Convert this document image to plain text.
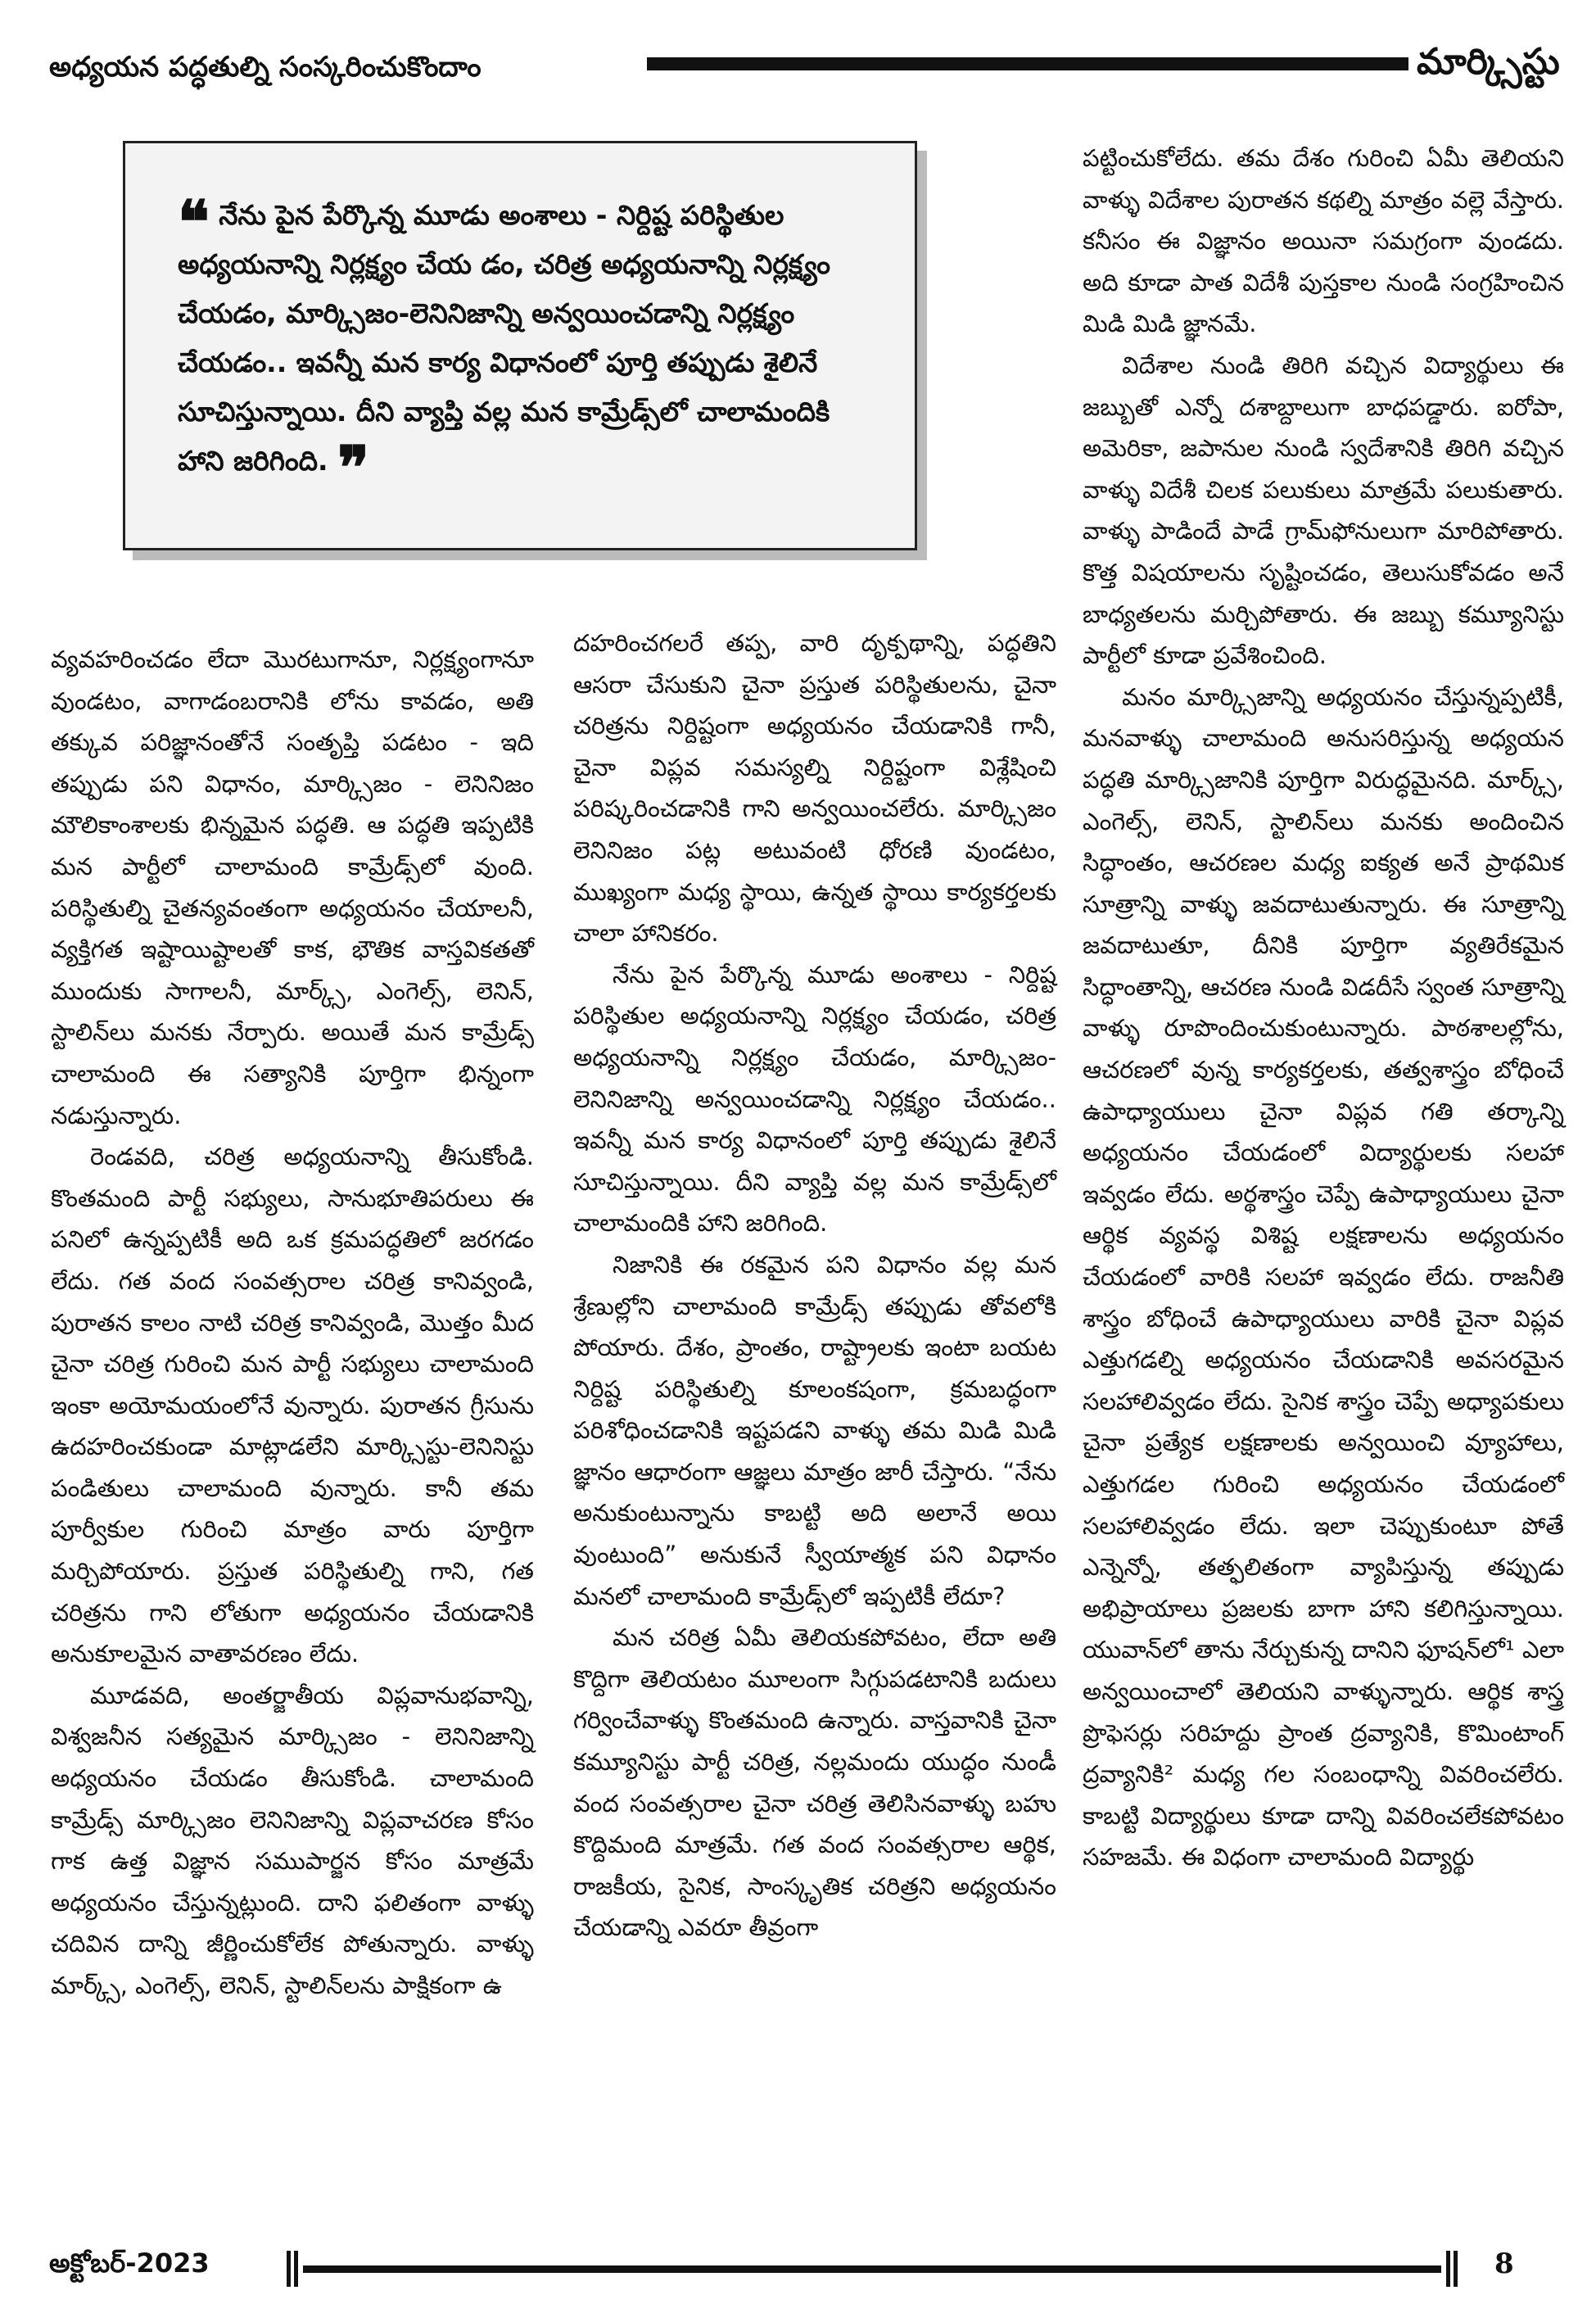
అధ్యయన పద్ధతుల్ని సంస్కరించుకొందాం	మార్క్సిస్టు
❝ నేను పైన పేర్కొన్న మూడు అంశాలు - నిర్దిష్ట పరిస్థితుల అధ్యయనాన్ని నిర్లక్ష్యం చేయ డం, చరిత్ర అధ్యయనాన్ని నిర్లక్ష్యం చేయడం, మార్క్సిజం-లెనినిజాన్ని అన్వయించడాన్ని నిర్లక్ష్యం చేయడం.. ఇవన్నీ మన కార్య విధానంలో పూర్తి తప్పుడు శైలినే సూచిస్తున్నాయి. దీని వ్యాప్తి వల్ల మన కామ్రేడ్స్‌లో చాలామందికి హాని జరిగింది. ❞

వ్యవహరించడం లేదా మొరటుగానూ, నిర్లక్ష్యంగానూ వుండటం, వాగాడంబరానికి లోను కావడం, అతి తక్కువ పరిజ్ఞానంతోనే సంతృప్తి పడటం - ఇది తప్పుడు పని విధానం, మార్క్సిజం - లెనినిజం మౌలికాంశాలకు భిన్నమైన పద్ధతి. ఆ పద్ధతి ఇప్పటికి మన పార్టీలో చాలామంది కామ్రేడ్స్‌లో వుంది. పరిస్థితుల్ని చైతన్యవంతంగా అధ్యయనం చేయాలనీ, వ్యక్తిగత ఇష్టాయిష్టాలతో కాక, భౌతిక వాస్తవికతతో ముందుకు సాగాలనీ, మార్క్స్, ఎంగెల్స్, లెనిన్, స్టాలిన్‌లు మనకు నేర్పారు. అయితే మన కామ్రేడ్స్ చాలామంది ఈ సత్యానికి పూర్తిగా భిన్నంగా నడుస్తున్నారు.

రెండవది, చరిత్ర అధ్యయనాన్ని తీసుకోండి. కొంతమంది పార్టీ సభ్యులు, సానుభూతిపరులు ఈ పనిలో ఉన్నప్పటికీ అది ఒక క్రమపద్ధతిలో జరగడం లేదు. గత వంద సంవత్సరాల చరిత్ర కానివ్వండి, పురాతన కాలం నాటి చరిత్ర కానివ్వండి, మొత్తం మీద చైనా చరిత్ర గురించి మన పార్టీ సభ్యులు చాలామంది ఇంకా అయోమయంలోనే వున్నారు. పురాతన గ్రీసును ఉదహరించకుండా మాట్లాడలేని మార్క్సిస్టు-లెనినిస్టు పండితులు చాలామంది వున్నారు. కానీ తమ పూర్వీకుల గురించి మాత్రం వారు పూర్తిగా మర్చిపోయారు. ప్రస్తుత పరిస్థితుల్ని గాని, గత చరిత్రను గాని లోతుగా అధ్యయనం చేయడానికి అనుకూలమైన వాతావరణం లేదు.

మూడవది, అంతర్జాతీయ విప్లవానుభవాన్ని, విశ్వజనీన సత్యమైన మార్క్సిజం - లెనినిజాన్ని అధ్యయనం చేయడం తీసుకోండి. చాలామంది కామ్రేడ్స్ మార్క్సిజం లెనినిజాన్ని విప్లవాచరణ కోసం గాక ఉత్త విజ్ఞాన సముపార్జన కోసం మాత్రమే అధ్యయనం చేస్తున్నట్లుంది. దాని ఫలితంగా వాళ్ళు చదివిన దాన్ని జీర్ణించుకోలేక పోతున్నారు. వాళ్ళు మార్క్స్, ఎంగెల్స్, లెనిన్, స్టాలిన్‌లను పాక్షికంగా ఉ

దహరించగలరే తప్ప, వారి దృక్పథాన్ని, పద్ధతిని ఆసరా చేసుకుని చైనా ప్రస్తుత పరిస్థితులను, చైనా చరిత్రను నిర్దిష్టంగా అధ్యయనం చేయడానికి గానీ, చైనా విప్లవ సమస్యల్ని నిర్దిష్టంగా విశ్లేషించి పరిష్కరించడానికి గాని అన్వయించలేరు. మార్క్సిజం లెనినిజం పట్ల అటువంటి ధోరణి వుండటం, ముఖ్యంగా మధ్య స్థాయి, ఉన్నత స్థాయి కార్యకర్తలకు చాలా హానికరం.

నేను పైన పేర్కొన్న మూడు అంశాలు - నిర్దిష్ట పరిస్థితుల అధ్యయనాన్ని నిర్లక్ష్యం చేయడం, చరిత్ర అధ్యయనాన్ని నిర్లక్ష్యం చేయడం, మార్క్సిజం-లెనినిజాన్ని అన్వయించడాన్ని నిర్లక్ష్యం చేయడం.. ఇవన్నీ మన కార్య విధానంలో పూర్తి తప్పుడు శైలినే సూచిస్తున్నాయి. దీని వ్యాప్తి వల్ల మన కామ్రేడ్స్‌లో చాలామందికి హాని జరిగింది.

నిజానికి ఈ రకమైన పని విధానం వల్ల మన శ్రేణుల్లోని చాలామంది కామ్రేడ్స్ తప్పుడు తోవలోకి పోయారు. దేశం, ప్రాంతం, రాష్ట్రాలకు ఇంటా బయట నిర్దిష్ట పరిస్థితుల్ని కూలంకషంగా, క్రమబద్ధంగా పరిశోధించడానికి ఇష్టపడని వాళ్ళు తమ మిడి మిడి జ్ఞానం ఆధారంగా ఆజ్ఞలు మాత్రం జారీ చేస్తారు. “నేను అనుకుంటున్నాను కాబట్టి అది అలానే అయి వుంటుంది” అనుకునే స్వీయాత్మక పని విధానం మనలో చాలామంది కామ్రేడ్స్‌లో ఇప్పటికీ లేదూ?

మన చరిత్ర ఏమీ తెలియకపోవటం, లేదా అతి కొద్దిగా తెలియటం మూలంగా సిగ్గుపడటానికి బదులు గర్వించేవాళ్ళు కొంతమంది ఉన్నారు. వాస్తవానికి చైనా కమ్యూనిస్టు పార్టీ చరిత్ర, నల్లమందు యుద్ధం నుండీ వంద సంవత్సరాల చైనా చరిత్ర తెలిసినవాళ్ళు బహు కొద్దిమంది మాత్రమే. గత వంద సంవత్సరాల ఆర్థిక, రాజకీయ, సైనిక, సాంస్కృతిక చరిత్రని అధ్యయనం చేయడాన్ని ఎవరూ తీవ్రంగా

పట్టించుకోలేదు. తమ దేశం గురించి ఏమీ తెలియని వాళ్ళు విదేశాల పురాతన కథల్ని మాత్రం వల్లె వేస్తారు. కనీసం ఈ విజ్ఞానం అయినా సమగ్రంగా వుండదు. అది కూడా పాత విదేశీ పుస్తకాల నుండి సంగ్రహించిన మిడి మిడి జ్ఞానమే.

విదేశాల నుండి తిరిగి వచ్చిన విద్యార్థులు ఈ జబ్బుతో ఎన్నో దశాబ్దాలుగా బాధపడ్డారు. ఐరోపా, అమెరికా, జపానుల నుండి స్వదేశానికి తిరిగి వచ్చిన వాళ్ళు విదేశీ చిలక పలుకులు మాత్రమే పలుకుతారు. వాళ్ళు పాడిందే పాడే గ్రామ్‌ఫోనులుగా మారిపోతారు. కొత్త విషయాలను సృష్టించడం, తెలుసుకోవడం అనే బాధ్యతలను మర్చిపోతారు. ఈ జబ్బు కమ్యూనిస్టు పార్టీలో కూడా ప్రవేశించింది.

మనం మార్క్సిజాన్ని అధ్యయనం చేస్తున్నప్పటికీ, మనవాళ్ళు చాలామంది అనుసరిస్తున్న అధ్యయన పద్ధతి మార్క్సిజానికి పూర్తిగా విరుద్ధమైనది. మార్క్స్, ఎంగెల్స్, లెనిన్, స్టాలిన్‌లు మనకు అందించిన సిద్ధాంతం, ఆచరణల మధ్య ఐక్యత అనే ప్రాథమిక సూత్రాన్ని వాళ్ళు జవదాటుతున్నారు. ఈ సూత్రాన్ని జవదాటుతూ, దీనికి పూర్తిగా వ్యతిరేకమైన సిద్ధాంతాన్ని, ఆచరణ నుండి విడదీసే స్వంత సూత్రాన్ని వాళ్ళు రూపొందించుకుంటున్నారు. పాఠశాలల్లోను, ఆచరణలో వున్న కార్యకర్తలకు, తత్వశాస్త్రం బోధించే ఉపాధ్యాయులు చైనా విప్లవ గతి తర్కాన్ని అధ్యయనం చేయడంలో విద్యార్థులకు సలహా ఇవ్వడం లేదు. అర్థశాస్త్రం చెప్పే ఉపాధ్యాయులు చైనా ఆర్థిక వ్యవస్థ విశిష్ట లక్షణాలను అధ్యయనం చేయడంలో వారికి సలహా ఇవ్వడం లేదు. రాజనీతి శాస్త్రం బోధించే ఉపాధ్యాయులు వారికి చైనా విప్లవ ఎత్తుగడల్ని అధ్యయనం చేయడానికి అవసరమైన సలహాలివ్వడం లేదు. సైనిక శాస్త్రం చెప్పే అధ్యాపకులు చైనా ప్రత్యేక లక్షణాలకు అన్వయించి వ్యూహాలు, ఎత్తుగడల గురించి అధ్యయనం చేయడంలో సలహాలివ్వడం లేదు. ఇలా చెప్పుకుంటూ పోతే ఎన్నెన్నో, తత్ఫలితంగా వ్యాపిస్తున్న తప్పుడు అభిప్రాయాలు ప్రజలకు బాగా హాని కలిగిస్తున్నాయి. యువాన్‌లో తాను నేర్చుకున్న దానిని ఫూషన్‌లో¹ ఎలా అన్వయించాలో తెలియని వాళ్ళున్నారు. ఆర్థిక శాస్త్ర ప్రొఫెసర్లు సరిహద్దు ప్రాంత ద్రవ్యానికి, కొమింటాంగ్ ద్రవ్యానికి² మధ్య గల సంబంధాన్ని వివరించలేరు. కాబట్టి విద్యార్థులు కూడా దాన్ని వివరించలేకపోవటం సహజమే. ఈ విధంగా చాలామంది విద్యార్థు

అక్టోబర్-2023	8
